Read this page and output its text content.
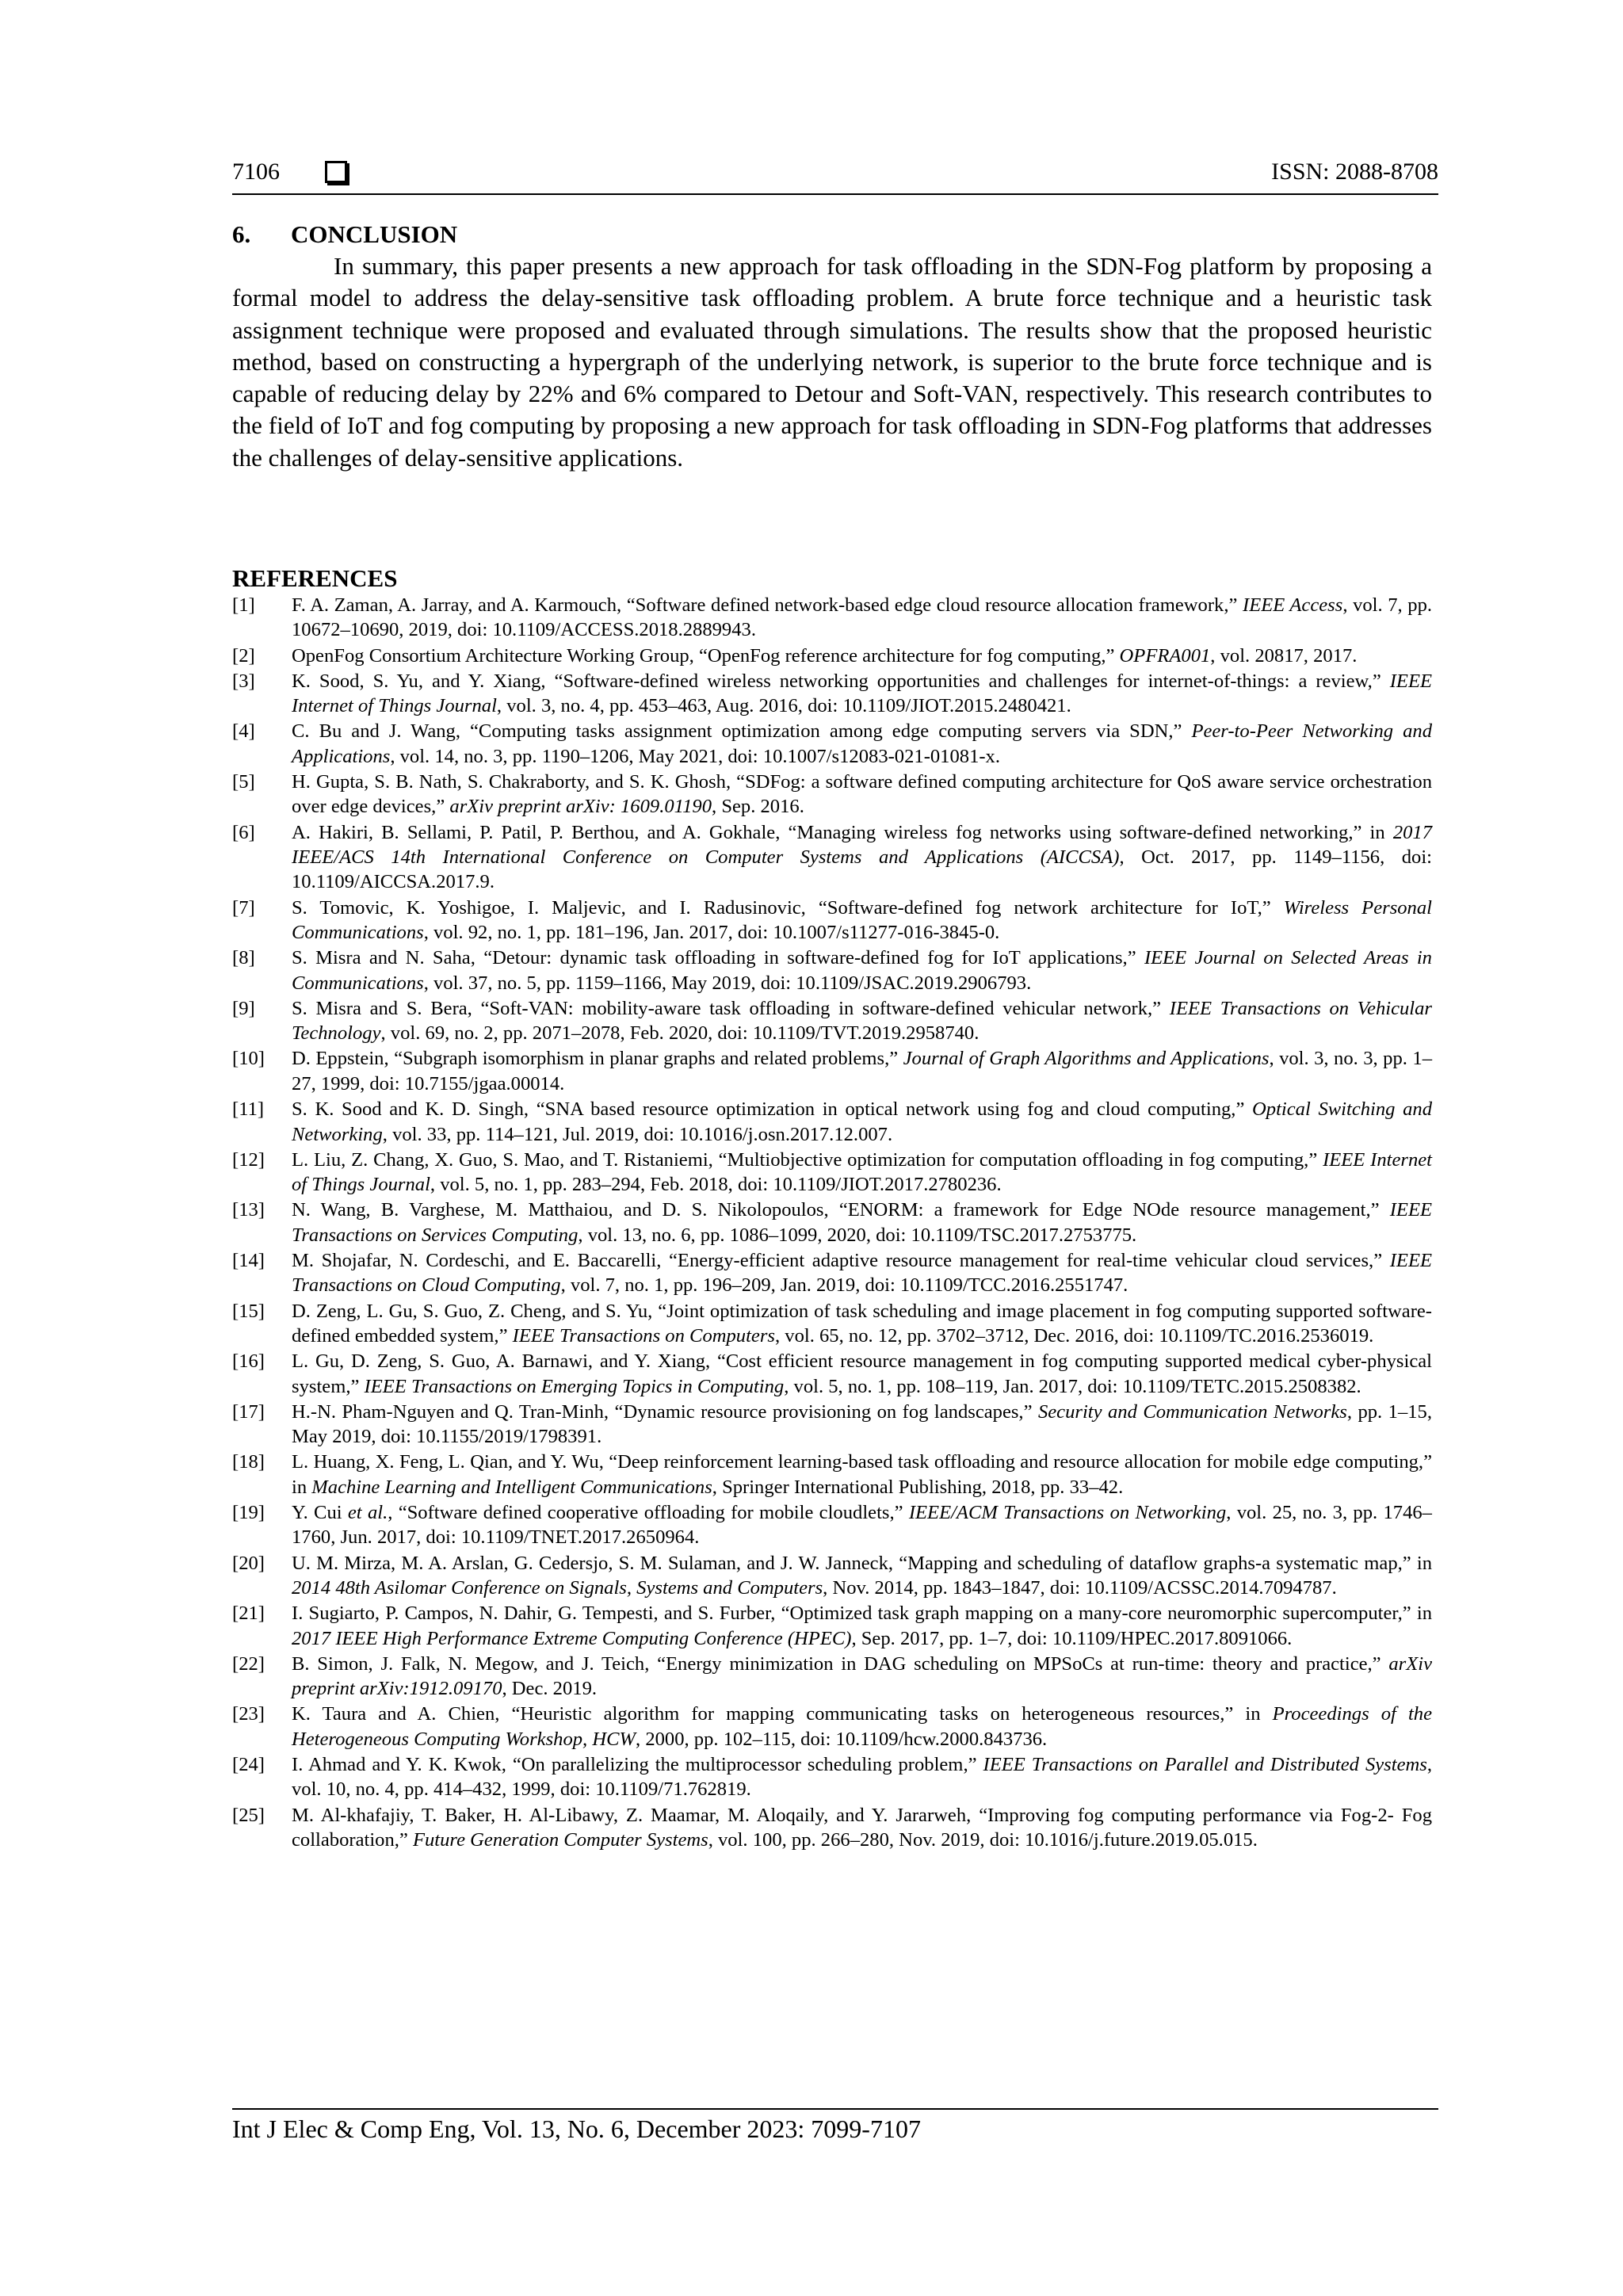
7106	ISSN: 2088-8708
6. CONCLUSION

In summary, this paper presents a new approach for task offloading in the SDN-Fog platform by proposing a formal model to address the delay-sensitive task offloading problem. A brute force technique and a heuristic task assignment technique were proposed and evaluated through simulations. The results show that the proposed heuristic method, based on constructing a hypergraph of the underlying network, is superior to the brute force technique and is capable of reducing delay by 22% and 6% compared to Detour and Soft-VAN, respectively. This research contributes to the field of IoT and fog computing by proposing a new approach for task offloading in SDN-Fog platforms that addresses the challenges of delay-sensitive applications.

REFERENCES
[1] F. A. Zaman, A. Jarray, and A. Karmouch, “Software defined network-based edge cloud resource allocation framework,” IEEE Access, vol. 7, pp. 10672–10690, 2019, doi: 10.1109/ACCESS.2018.2889943.
[2] OpenFog Consortium Architecture Working Group, “OpenFog reference architecture for fog computing,” OPFRA001, vol. 20817, 2017.
[3] K. Sood, S. Yu, and Y. Xiang, “Software-defined wireless networking opportunities and challenges for internet-of-things: a review,” IEEE Internet of Things Journal, vol. 3, no. 4, pp. 453–463, Aug. 2016, doi: 10.1109/JIOT.2015.2480421.
[4] C. Bu and J. Wang, “Computing tasks assignment optimization among edge computing servers via SDN,” Peer-to-Peer Networking and Applications, vol. 14, no. 3, pp. 1190–1206, May 2021, doi: 10.1007/s12083-021-01081-x.
[5] H. Gupta, S. B. Nath, S. Chakraborty, and S. K. Ghosh, “SDFog: a software defined computing architecture for QoS aware service orchestration over edge devices,” arXiv preprint arXiv: 1609.01190, Sep. 2016.
[6] A. Hakiri, B. Sellami, P. Patil, P. Berthou, and A. Gokhale, “Managing wireless fog networks using software-defined networking,” in 2017 IEEE/ACS 14th International Conference on Computer Systems and Applications (AICCSA), Oct. 2017, pp. 1149–1156, doi: 10.1109/AICCSA.2017.9.
[7] S. Tomovic, K. Yoshigoe, I. Maljevic, and I. Radusinovic, “Software-defined fog network architecture for IoT,” Wireless Personal Communications, vol. 92, no. 1, pp. 181–196, Jan. 2017, doi: 10.1007/s11277-016-3845-0.
[8] S. Misra and N. Saha, “Detour: dynamic task offloading in software-defined fog for IoT applications,” IEEE Journal on Selected Areas in Communications, vol. 37, no. 5, pp. 1159–1166, May 2019, doi: 10.1109/JSAC.2019.2906793.
[9] S. Misra and S. Bera, “Soft-VAN: mobility-aware task offloading in software-defined vehicular network,” IEEE Transactions on Vehicular Technology, vol. 69, no. 2, pp. 2071–2078, Feb. 2020, doi: 10.1109/TVT.2019.2958740.
[10] D. Eppstein, “Subgraph isomorphism in planar graphs and related problems,” Journal of Graph Algorithms and Applications, vol. 3, no. 3, pp. 1–27, 1999, doi: 10.7155/jgaa.00014.
[11] S. K. Sood and K. D. Singh, “SNA based resource optimization in optical network using fog and cloud computing,” Optical Switching and Networking, vol. 33, pp. 114–121, Jul. 2019, doi: 10.1016/j.osn.2017.12.007.
[12] L. Liu, Z. Chang, X. Guo, S. Mao, and T. Ristaniemi, “Multiobjective optimization for computation offloading in fog computing,” IEEE Internet of Things Journal, vol. 5, no. 1, pp. 283–294, Feb. 2018, doi: 10.1109/JIOT.2017.2780236.
[13] N. Wang, B. Varghese, M. Matthaiou, and D. S. Nikolopoulos, “ENORM: a framework for Edge NOde resource management,” IEEE Transactions on Services Computing, vol. 13, no. 6, pp. 1086–1099, 2020, doi: 10.1109/TSC.2017.2753775.
[14] M. Shojafar, N. Cordeschi, and E. Baccarelli, “Energy-efficient adaptive resource management for real-time vehicular cloud services,” IEEE Transactions on Cloud Computing, vol. 7, no. 1, pp. 196–209, Jan. 2019, doi: 10.1109/TCC.2016.2551747.
[15] D. Zeng, L. Gu, S. Guo, Z. Cheng, and S. Yu, “Joint optimization of task scheduling and image placement in fog computing supported software-defined embedded system,” IEEE Transactions on Computers, vol. 65, no. 12, pp. 3702–3712, Dec. 2016, doi: 10.1109/TC.2016.2536019.
[16] L. Gu, D. Zeng, S. Guo, A. Barnawi, and Y. Xiang, “Cost efficient resource management in fog computing supported medical cyber-physical system,” IEEE Transactions on Emerging Topics in Computing, vol. 5, no. 1, pp. 108–119, Jan. 2017, doi: 10.1109/TETC.2015.2508382.
[17] H.-N. Pham-Nguyen and Q. Tran-Minh, “Dynamic resource provisioning on fog landscapes,” Security and Communication Networks, pp. 1–15, May 2019, doi: 10.1155/2019/1798391.
[18] L. Huang, X. Feng, L. Qian, and Y. Wu, “Deep reinforcement learning-based task offloading and resource allocation for mobile edge computing,” in Machine Learning and Intelligent Communications, Springer International Publishing, 2018, pp. 33–42.
[19] Y. Cui et al., “Software defined cooperative offloading for mobile cloudlets,” IEEE/ACM Transactions on Networking, vol. 25, no. 3, pp. 1746–1760, Jun. 2017, doi: 10.1109/TNET.2017.2650964.
[20] U. M. Mirza, M. A. Arslan, G. Cedersjo, S. M. Sulaman, and J. W. Janneck, “Mapping and scheduling of dataflow graphs-a systematic map,” in 2014 48th Asilomar Conference on Signals, Systems and Computers, Nov. 2014, pp. 1843–1847, doi: 10.1109/ACSSC.2014.7094787.
[21] I. Sugiarto, P. Campos, N. Dahir, G. Tempesti, and S. Furber, “Optimized task graph mapping on a many-core neuromorphic supercomputer,” in 2017 IEEE High Performance Extreme Computing Conference (HPEC), Sep. 2017, pp. 1–7, doi: 10.1109/HPEC.2017.8091066.
[22] B. Simon, J. Falk, N. Megow, and J. Teich, “Energy minimization in DAG scheduling on MPSoCs at run-time: theory and practice,” arXiv preprint arXiv:1912.09170, Dec. 2019.
[23] K. Taura and A. Chien, “Heuristic algorithm for mapping communicating tasks on heterogeneous resources,” in Proceedings of the Heterogeneous Computing Workshop, HCW, 2000, pp. 102–115, doi: 10.1109/hcw.2000.843736.
[24] I. Ahmad and Y. K. Kwok, “On parallelizing the multiprocessor scheduling problem,” IEEE Transactions on Parallel and Distributed Systems, vol. 10, no. 4, pp. 414–432, 1999, doi: 10.1109/71.762819.
[25] M. Al-khafajiy, T. Baker, H. Al-Libawy, Z. Maamar, M. Aloqaily, and Y. Jararweh, “Improving fog computing performance via Fog-2- Fog collaboration,” Future Generation Computer Systems, vol. 100, pp. 266–280, Nov. 2019, doi: 10.1016/j.future.2019.05.015.
Int J Elec & Comp Eng, Vol. 13, No. 6, December 2023: 7099-7107
